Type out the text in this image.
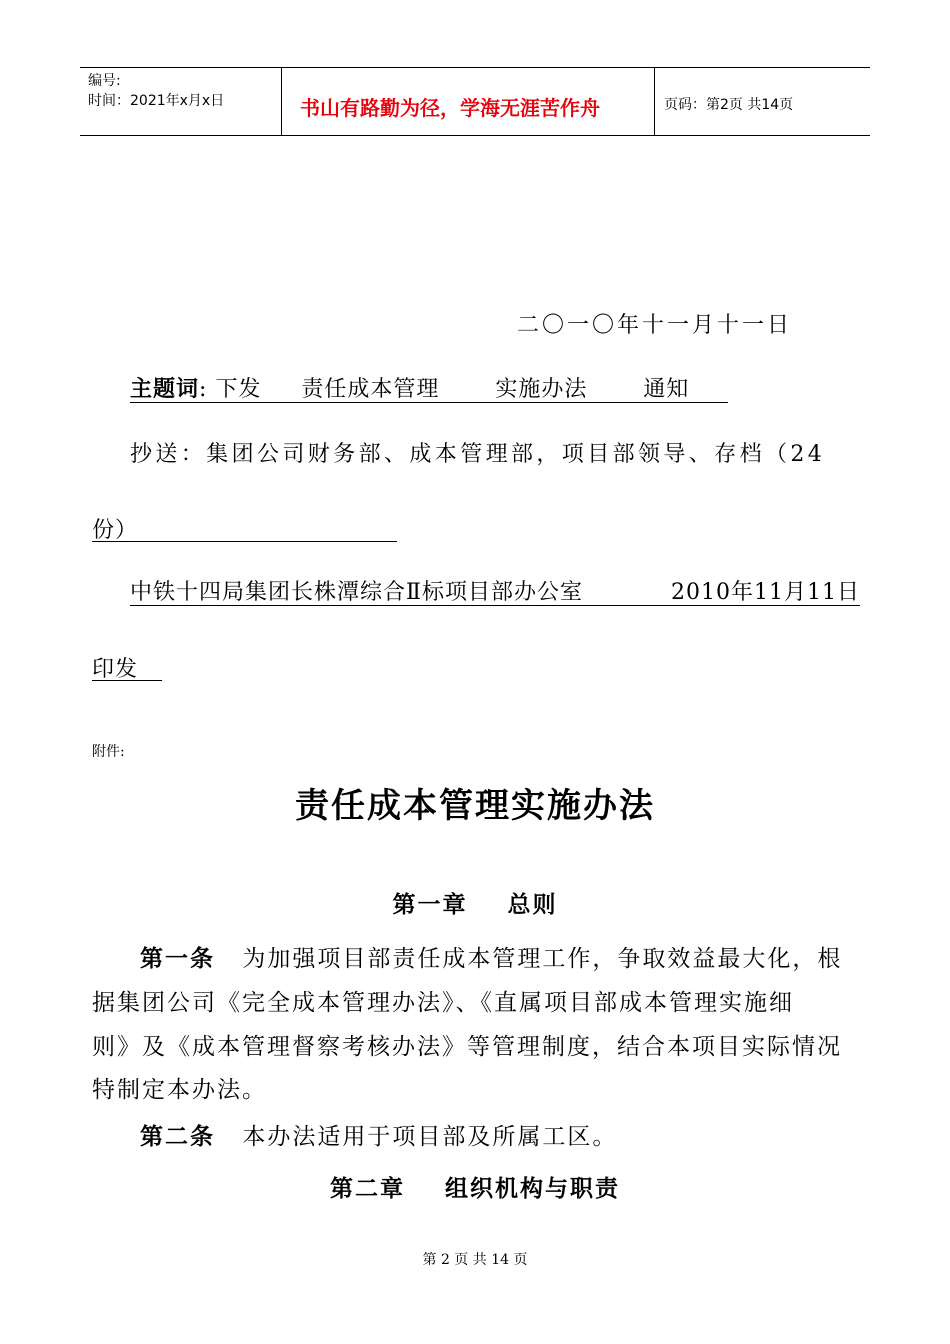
编号:
时间：2021年x月x日	书山有路勤为径，学海无涯苦作舟	页码：第2页 共14页
二〇一〇年十一月十一日
主题词: 下发     责任成本管理       实施办法       通知
抄送：集团公司财务部、成本管理部，项目部领导、存档（24
份）
中铁十四局集团长株潭综合Ⅱ标项目部办公室	2010年11月11日
印发
附件:
责任成本管理实施办法
第一章    总则
第一条 为加强项目部责任成本管理工作，争取效益最大化，根
据集团公司《完全成本管理办法》、《直属项目部成本管理实施细
则》及《成本管理督察考核办法》等管理制度，结合本项目实际情况
特制定本办法。
第二条 本办法适用于项目部及所属工区。
第二章    组织机构与职责
第 2 页 共 14 页
